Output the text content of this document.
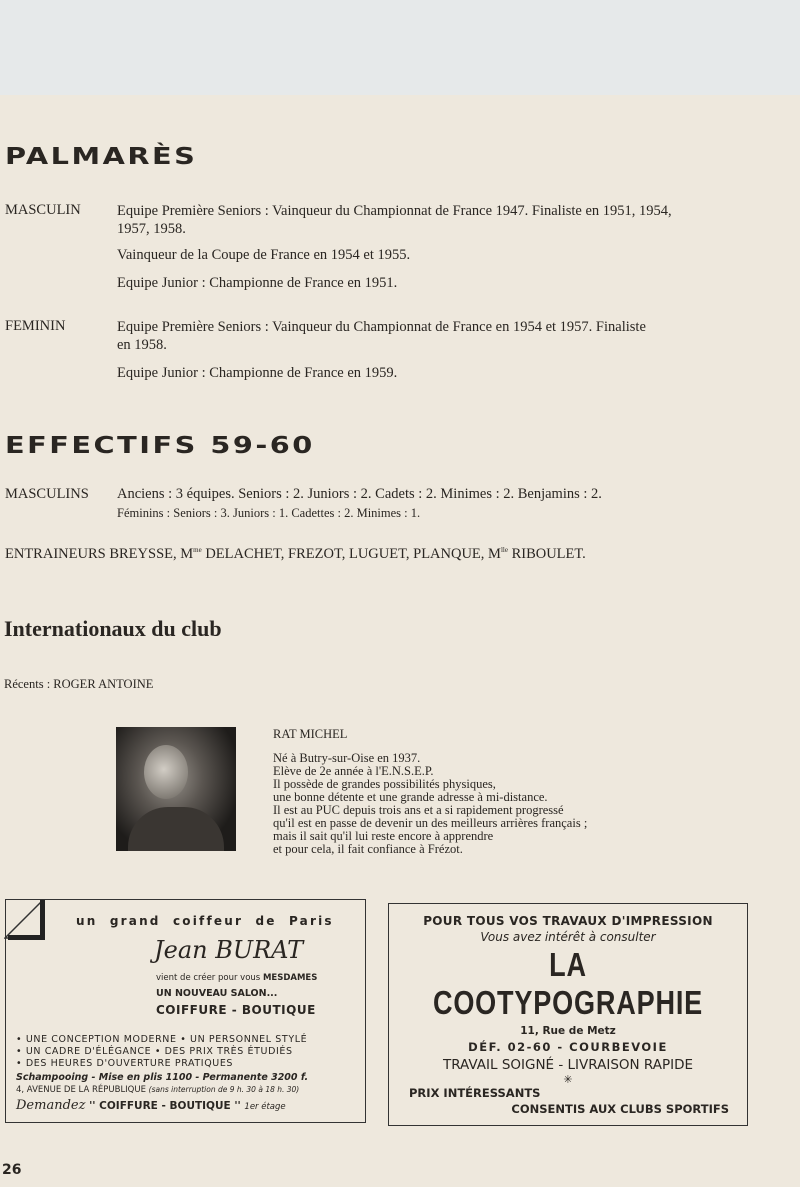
PALMARÈS
MASCULIN	Equipe Première Seniors : Vainqueur du Championnat de France 1947. Finaliste en 1951, 1954,
1957, 1958.
Vainqueur de la Coupe de France en 1954 et 1955.
Equipe Junior : Championne de France en 1951.
FEMININ	Equipe Première Seniors : Vainqueur du Championnat de France en 1954 et 1957. Finaliste
en 1958.
Equipe Junior : Championne de France en 1959.
EFFECTIFS 59-60
MASCULINS Anciens : 3 équipes. Seniors : 2. Juniors : 2. Cadets : 2. Minimes : 2. Benjamins : 2.
Féminins : Seniors : 3. Juniors : 1. Cadettes : 2. Minimes : 1.
ENTRAINEURS BREYSSE, $M^{me}$ DELACHET, FREZOT, LUGUET, PLANQUE, $M^{lle}$ RIBOULET.
Internationaux du club
Récents : ROGER ANTOINE
RAT MICHEL
Né à Butry-sur-Oise en 1937.
Elève de 2e année à l'E.N.S.E.P.
Il possède de grandes possibilités physiques,
une bonne détente et une grande adresse à mi-distance.
Il est au PUC depuis trois ans et a si rapidement progressé
qu'il est en passe de devenir un des meilleurs arrières français ;
mais il sait qu'il lui reste encore à apprendre
et pour cela, il fait confiance à Frézot.
un grand coiffeur de Paris
Jean BURAT
vient de créer pour vous MESDAMES
UN NOUVEAU SALON...
COIFFURE - BOUTIQUE
• UNE CONCEPTION MODERNE • UN PERSONNEL STYLÉ
• UN CADRE D'ÉLÉGANCE • DES PRIX TRÈS ÉTUDIÉS
• DES HEURES D'OUVERTURE PRATIQUES
Schampooing - Mise en plis 1100 - Permanente 3200 f.
4, AVENUE DE LA RÉPUBLIQUE (sans interruption de 9 h. 30 à 18 h. 30)
Demandez '' COIFFURE - BOUTIQUE '' 1er étage
POUR TOUS VOS TRAVAUX D'IMPRESSION
Vous avez intérêt à consulter
LA COOTYPOGRAPHIE
11, Rue de Metz
DÉF. 02-60 - COURBEVOIE
TRAVAIL SOIGNÉ - LIVRAISON RAPIDE
✳
PRIX INTÉRESSANTS
CONSENTIS AUX CLUBS SPORTIFS
26
